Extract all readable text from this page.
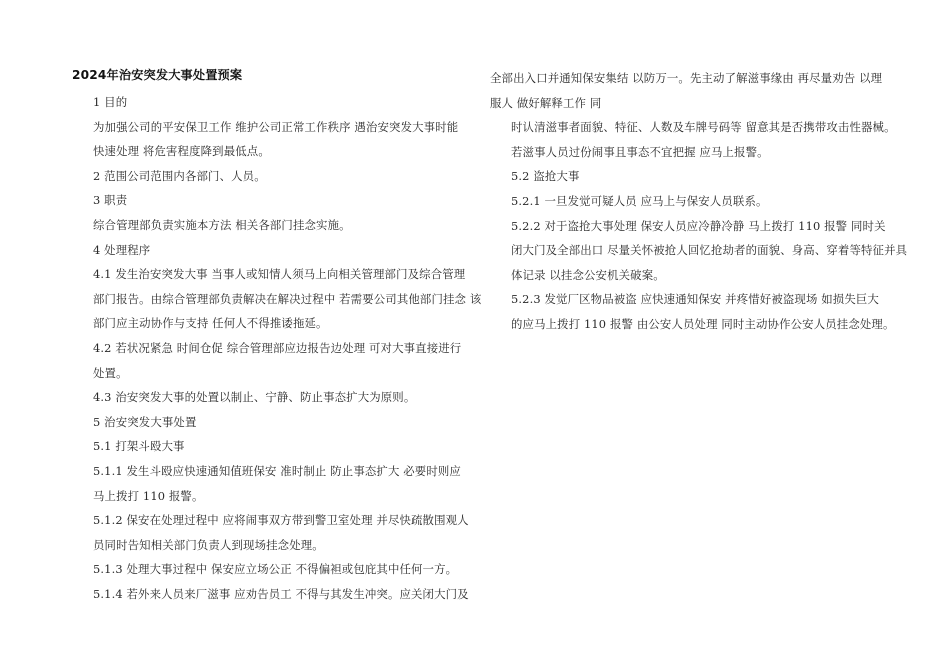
2024年治安突发大事处置预案
1 目的
为加强公司的平安保卫工作 维护公司正常工作秩序 遇治安突发大事时能
快速处理 将危害程度降到最低点。
2 范围公司范围内各部门、人员。
3 职责
综合管理部负责实施本方法 相关各部门挂念实施。
4 处理程序
4.1 发生治安突发大事 当事人或知情人须马上向相关管理部门及综合管理
部门报告。由综合管理部负责解决在解决过程中 若需要公司其他部门挂念 该
部门应主动协作与支持 任何人不得推诿拖延。
4.2 若状况紧急 时间仓促 综合管理部应边报告边处理 可对大事直接进行
处置。
4.3 治安突发大事的处置以制止、宁静、防止事态扩大为原则。
5 治安突发大事处置
5.1 打架斗殴大事
5.1.1 发生斗殴应快速通知值班保安 准时制止 防止事态扩大 必要时则应
马上拨打 110 报警。
5.1.2 保安在处理过程中 应将闹事双方带到警卫室处理 并尽快疏散围观人
员同时告知相关部门负责人到现场挂念处理。
5.1.3 处理大事过程中 保安应立场公正 不得偏袒或包庇其中任何一方。
5.1.4 若外来人员来厂滋事 应劝告员工 不得与其发生冲突。应关闭大门及
全部出入口并通知保安集结 以防万一。先主动了解滋事缘由 再尽量劝告 以理
服人 做好解释工作 同
时认清滋事者面貌、特征、人数及车牌号码等 留意其是否携带攻击性器械。
若滋事人员过份闹事且事态不宜把握 应马上报警。
5.2 盗抢大事
5.2.1 一旦发觉可疑人员 应马上与保安人员联系。
5.2.2 对于盗抢大事处理 保安人员应冷静冷静 马上拨打 110 报警 同时关
闭大门及全部出口 尽量关怀被抢人回忆抢劫者的面貌、身高、穿着等特征并具
体记录 以挂念公安机关破案。
5.2.3 发觉厂区物品被盗 应快速通知保安 并疼惜好被盗现场 如损失巨大
的应马上拨打 110 报警 由公安人员处理 同时主动协作公安人员挂念处理。
